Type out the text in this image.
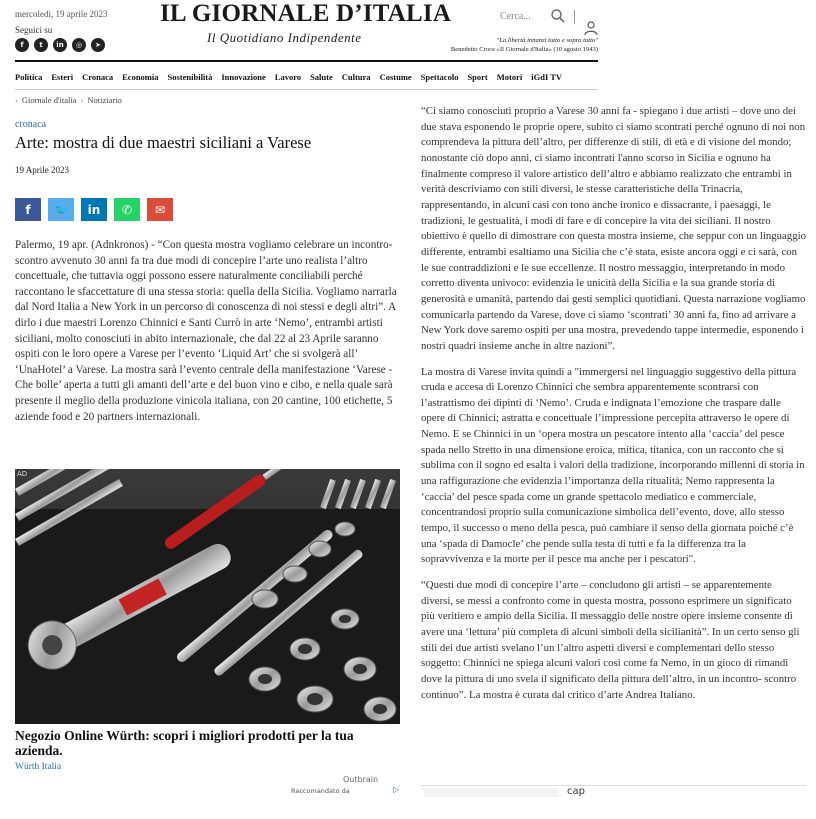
mercoledì, 19 aprile 2023
Seguici su
f	t	in	◎	➤
IL GIORNALE D’ITALIA
Il Quotidiano Indipendente
Cerca...
"La libertà innanzi tutto e sopra tutto"
Benedetto Croce «Il Giornale d'Italia» (10 agosto 1943)
Politica Esteri Cronaca Economia Sostenibilità Innovazione Lavoro Salute Cultura Costume Spettacolo Sport Motori iGdI TV
› Giornale d'italia › Notiziario
cronaca
Arte: mostra di due maestri siciliani a Varese
19 Aprile 2023
f	🐦	in	✆	✉
Palermo, 19 apr. (Adnkronos) - “Con questa mostra vogliamo celebrare un incontro-scontro avvenuto 30 anni fa tra due modi di concepire l’arte uno realista l’altro concettuale, che tuttavia oggi possono essere naturalmente conciliabili perché raccontano le sfaccettature di una stessa storia: quella della Sicilia. Vogliamo narrarla dal Nord Italia a New York in un percorso di conoscenza di noi stessi e degli altri”. A dirlo i due maestri Lorenzo Chinnici e Santi Currò in arte ‘Nemo’, entrambi artisti siciliani, molto conosciuti in abito internazionale, che dal 22 al 23 Aprile saranno ospiti con le loro opere a Varese per l’evento ‘Liquid Art’ che si svolgerà all’ ‘UnaHotel’ a Varese. La mostra sarà l’evento centrale della manifestazione ‘Varese - Che bolle’ aperta a tutti gli amanti dell’arte e del buon vino e cibo, e nella quale sarà presente il meglio della produzione vinicola italiana, con 20 cantine, 100 etichette, 5 aziende food e 20 partners internazionali.
AD
Negozio Online Würth: scopri i migliori prodotti per la tua azienda.
Würth Italia
Outbrain
Raccomandato da	▷

“Ci siamo conosciuti proprio a Varese 30 anni fa - spiegano i due artisti – dove uno dei due stava esponendo le proprie opere, subito ci siamo scontrati perché ognuno di noi non comprendeva la pittura dell’altro, per differenze di stili, di età e di visione del mondo; nonostante ciò dopo anni, ci siamo incontrati l'anno scorso in Sicilia e ognuno ha finalmente compreso il valore artistico dell’altro e abbiamo realizzato che entrambi in verità descriviamo con stili diversi, le stesse caratteristiche della Trinacria, rappresentando, in alcuni casi con tono anche ironico e dissacrante, i paesaggi, le tradizioni, le gestualità, i modi di fare e di concepire la vita dei siciliani. Il nostro obiettivo è quello di dimostrare con questa mostra insieme, che seppur con un linguaggio differente, entrambi esaltiamo una Sicilia che c’è stata, esiste ancora oggi e ci sarà, con le sue contraddizioni e le sue eccellenze. Il nostro messaggio, interpretando in modo corretto diventa univoco: evidenzia le unicità della Sicilia e la sua grande storia di generosità e umanità, partendo dai gesti semplici quotidiani. Questa narrazione vogliamo comunicarla partendo da Varese, dove ci siamo ‘scontrati’ 30 anni fa, fino ad arrivare a New York dove saremo ospiti per una mostra, prevedendo tappe intermedie, esponendo i nostri quadri insieme anche in altre nazioni”.

La mostra di Varese invita quindi a "immergersi nel linguaggio suggestivo della pittura cruda e accesa di Lorenzo Chinnici che sembra apparentemente scontrarsi con l’astrattismo dei dipinti di ‘Nemo’. Cruda e indignata l’emozione che traspare dalle opere di Chinnici; astratta e concettuale l’impressione percepita attraverso le opere di Nemo. E se Chinnici in un ‘opera mostra un pescatore intento alla ‘caccia’ del pesce spada nello Stretto in una dimensione eroica, mitica, titanica, con un racconto che si sublima con il sogno ed esalta i valori della tradizione, incorporando millenni di storia in una raffigurazione che evidenzia l’importanza della ritualità; Nemo rappresenta la ‘caccia’ del pesce spada come un grande spettacolo mediatico e commerciale, concentrandosi proprio sulla comunicazione simbolica dell’evento, dove, allo stesso tempo, il successo o meno della pesca, può cambiare il senso della giornata poiché c’è una ‘spada di Damocle’ che pende sulla testa di tutti e fa la differenza tra la sopravvivenza e la morte per il pesce ma anche per i pescatori".

“Questi due modi di concepire l’arte – concludono gli artisti – se apparentemente diversi, se messi a confronto come in questa mostra, possono esprimere un significato più veritiero e ampio della Sicilia. Il messaggio delle nostre opere insieme consente di avere una ‘lettura’ più completa di alcuni simboli della sicilianità”. In un certo senso gli stili dei due artisti svelano l’un l’altro aspetti diversi e complementari dello stesso soggetto: Chinnici ne spiega alcuni valori così come fa Nemo, in un gioco di rimandi dove la pittura di uno svela il significato della pittura dell’altro, in un incontro- scontro continuo”. La mostra è curata dal critico d’arte Andrea Italiano.

cap
